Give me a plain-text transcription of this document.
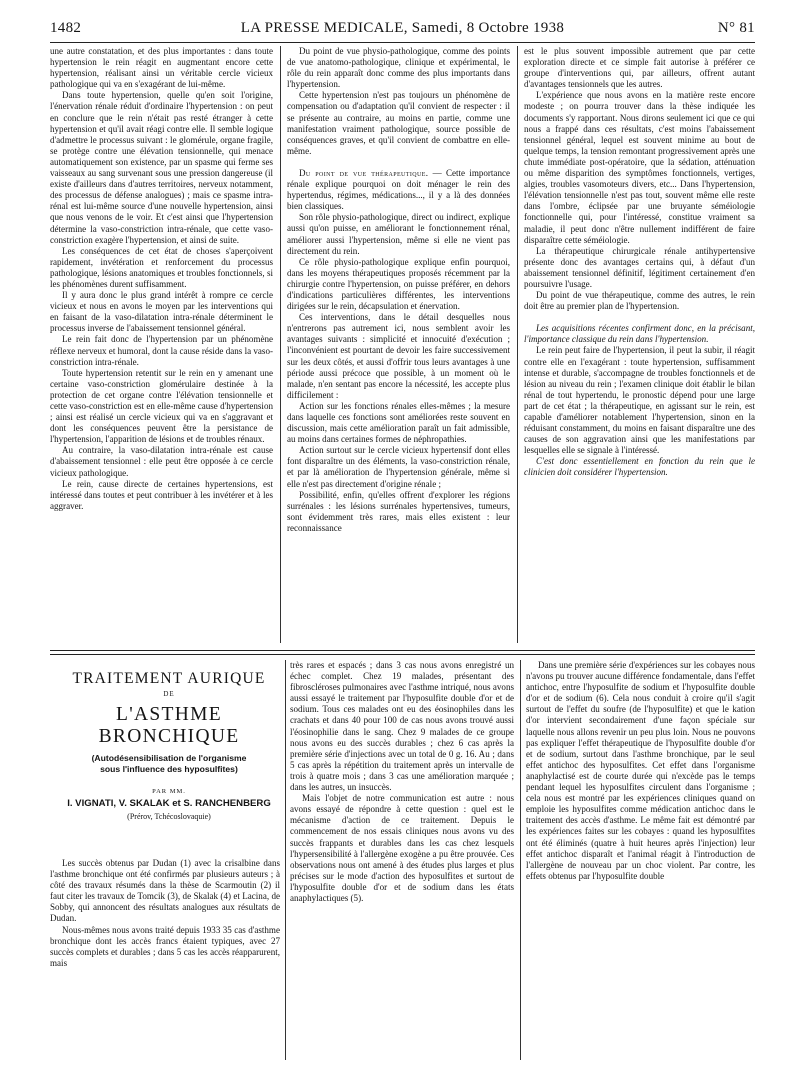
1482	LA PRESSE MEDICALE, Samedi, 8 Octobre 1938	N° 81

une autre constatation, et des plus importantes : dans toute hypertension le rein réagit en augmentant encore cette hypertension, réalisant ainsi un véritable cercle vicieux pathologique qui va en s'exagérant de lui-même.

Dans toute hypertension, quelle qu'en soit l'origine, l'énervation rénale réduit d'ordinaire l'hypertension : on peut en conclure que le rein n'était pas resté étranger à cette hypertension et qu'il avait réagi contre elle. Il semble logique d'admettre le processus suivant : le glomérule, organe fragile, se protège contre une élévation tensionnelle, qui menace automatiquement son existence, par un spasme qui ferme ses vaisseaux au sang survenant sous une pression dangereuse (il existe d'ailleurs dans d'autres territoires, nerveux notamment, des processus de défense analogues) ; mais ce spasme intra-rénal est lui-même source d'une nouvelle hypertension, ainsi que nous venons de le voir. Et c'est ainsi que l'hypertension détermine la vaso-constriction intra-rénale, que cette vaso-constriction exagère l'hypertension, et ainsi de suite.

Les conséquences de cet état de choses s'aperçoivent rapidement, invétération et renforcement du processus pathologique, lésions anatomiques et troubles fonctionnels, si les phénomènes durent suffisamment.

Il y aura donc le plus grand intérêt à rompre ce cercle vicieux et nous en avons le moyen par les interventions qui en faisant de la vaso-dilatation intra-rénale déterminent le processus inverse de l'abaissement tensionnel général.

Le rein fait donc de l'hypertension par un phénomène réflexe nerveux et humoral, dont la cause réside dans la vaso-constriction intra-rénale.

Toute hypertension retentit sur le rein en y amenant une certaine vaso-constriction glomérulaire destinée à la protection de cet organe contre l'élévation tensionnelle et cette vaso-constriction est en elle-même cause d'hypertension ; ainsi est réalisé un cercle vicieux qui va en s'aggravant et dont les conséquences peuvent être la persistance de l'hypertension, l'apparition de lésions et de troubles rénaux.

Au contraire, la vaso-dilatation intra-rénale est cause d'abaissement tensionnel : elle peut être opposée à ce cercle vicieux pathologique.

Le rein, cause directe de certaines hypertensions, est intéressé dans toutes et peut contribuer à les invétérer et à les aggraver.

Du point de vue physio-pathologique, comme des points de vue anatomo-pathologique, clinique et expérimental, le rôle du rein apparaît donc comme des plus importants dans l'hypertension.

Cette hypertension n'est pas toujours un phénomène de compensation ou d'adaptation qu'il convient de respecter : il se présente au contraire, au moins en partie, comme une manifestation vraiment pathologique, source possible de conséquences graves, et qu'il convient de combattre en elle-même.

Du point de vue thérapeutique. — Cette importance rénale explique pourquoi on doit ménager le rein des hypertendus, régimes, médications..., il y a là des données bien classiques.

Son rôle physio-pathologique, direct ou indirect, explique aussi qu'on puisse, en améliorant le fonctionnement rénal, améliorer aussi l'hypertension, même si elle ne vient pas directement du rein.

Ce rôle physio-pathologique explique enfin pourquoi, dans les moyens thérapeutiques proposés récemment par la chirurgie contre l'hypertension, on puisse préférer, en dehors d'indications particulières différentes, les interventions dirigées sur le rein, décapsulation et énervation.

Ces interventions, dans le détail desquelles nous n'entrerons pas autrement ici, nous semblent avoir les avantages suivants : simplicité et innocuité d'exécution ; l'inconvénient est pourtant de devoir les faire successivement sur les deux côtés, et aussi d'offrir tous leurs avantages à une période aussi précoce que possible, à un moment où le malade, n'en sentant pas encore la nécessité, les accepte plus difficilement :

Action sur les fonctions rénales elles-mêmes ; la mesure dans laquelle ces fonctions sont améliorées reste souvent en discussion, mais cette amélioration paraît un fait admissible, au moins dans certaines formes de néphropathies.

Action surtout sur le cercle vicieux hypertensif dont elles font disparaître un des éléments, la vaso-constriction rénale, et par là amélioration de l'hypertension générale, même si elle n'est pas directement d'origine rénale ;

Possibilité, enfin, qu'elles offrent d'explorer les régions surrénales : les lésions surrénales hypertensives, tumeurs, sont évidemment très rares, mais elles existent : leur reconnaissance

est le plus souvent impossible autrement que par cette exploration directe et ce simple fait autorise à préférer ce groupe d'interventions qui, par ailleurs, offrent autant d'avantages tensionnels que les autres.

L'expérience que nous avons en la matière reste encore modeste ; on pourra trouver dans la thèse indiquée les documents s'y rapportant. Nous dirons seulement ici que ce qui nous a frappé dans ces résultats, c'est moins l'abaissement tensionnel général, lequel est souvent minime au bout de quelque temps, la tension remontant progressivement après une chute immédiate post-opératoire, que la sédation, atténuation ou même disparition des symptômes fonctionnels, vertiges, algies, troubles vasomoteurs divers, etc... Dans l'hypertension, l'élévation tensionnelle n'est pas tout, souvent même elle reste dans l'ombre, éclipsée par une bruyante séméiologie fonctionnelle qui, pour l'intéressé, constitue vraiment sa maladie, il peut donc n'être nullement indifférent de faire disparaître cette séméiologie.

La thérapeutique chirurgicale rénale antihypertensive présente donc des avantages certains qui, à défaut d'un abaissement tensionnel définitif, légitiment certainement d'en poursuivre l'usage.

Du point de vue thérapeutique, comme des autres, le rein doit être au premier plan de l'hypertension.

Les acquisitions récentes confirment donc, en la précisant, l'importance classique du rein dans l'hypertension.

Le rein peut faire de l'hypertension, il peut la subir, il réagit contre elle en l'exagérant : toute hypertension, suffisamment intense et durable, s'accompagne de troubles fonctionnels et de lésion au niveau du rein ; l'examen clinique doit établir le bilan rénal de tout hypertendu, le pronostic dépend pour une large part de cet état ; la thérapeutique, en agissant sur le rein, est capable d'améliorer notablement l'hypertension, sinon en la réduisant constamment, du moins en faisant disparaître une des causes de son aggravation ainsi que les manifestations par lesquelles elle se signale à l'intéressé.

C'est donc essentiellement en fonction du rein que le clinicien doit considérer l'hypertension.

TRAITEMENT AURIQUE
DE
L'ASTHME BRONCHIQUE
(Autodésensibilisation de l'organisme
sous l'influence des hyposulfites)
PAR MM.
I. VIGNATI, V. SKALAK et S. RANCHENBERG
(Prérov, Tchécoslovaquie)

Les succès obtenus par Dudan (1) avec la crisalbine dans l'asthme bronchique ont été confirmés par plusieurs auteurs ; à côté des travaux résumés dans la thèse de Scarmoutin (2) il faut citer les travaux de Tomcik (3), de Skalak (4) et Lacina, de Sobby, qui annoncent des résultats analogues aux résultats de Dudan.

Nous-mêmes nous avons traité depuis 1933 35 cas d'asthme bronchique dont les accès francs étaient typiques, avec 27 succès complets et durables ; dans 5 cas les accès réapparurent, mais

très rares et espacés ; dans 3 cas nous avons enregistré un échec complet. Chez 19 malades, présentant des fibroscléroses pulmonaires avec l'asthme intriqué, nous avons aussi essayé le traitement par l'hyposulfite double d'or et de sodium. Tous ces malades ont eu des éosinophiles dans les crachats et dans 40 pour 100 de cas nous avons trouvé aussi l'éosinophilie dans le sang. Chez 9 malades de ce groupe nous avons eu des succès durables ; chez 6 cas après la première série d'injections avec un total de 0 g. 16. Au ; dans 5 cas après la répétition du traitement après un intervalle de trois à quatre mois ; dans 3 cas une amélioration marquée ; dans les autres, un insuccès.

Mais l'objet de notre communication est autre : nous avons essayé de répondre à cette question : quel est le mécanisme d'action de ce traitement. Depuis le commencement de nos essais cliniques nous avons vu des succès frappants et durables dans les cas chez lesquels l'hypersensibilité à l'allergène exogène a pu être prouvée. Ces observations nous ont amené à des études plus larges et plus précises sur le mode d'action des hyposulfites et surtout de l'hyposulfite double d'or et de sodium dans les états anaphylactiques (5).

Dans une première série d'expériences sur les cobayes nous n'avons pu trouver aucune différence fondamentale, dans l'effet antichoc, entre l'hyposulfite de sodium et l'hyposulfite double d'or et de sodium (6). Cela nous conduit à croire qu'il s'agit surtout de l'effet du soufre (de l'hyposulfite) et que le kation d'or intervient secondairement d'une façon spéciale sur laquelle nous allons revenir un peu plus loin. Nous ne pouvons pas expliquer l'effet thérapeutique de l'hyposulfite double d'or et de sodium, surtout dans l'asthme bronchique, par le seul effet antichoc des hyposulfites. Cet effet dans l'organisme anaphylactisé est de courte durée qui n'excède pas le temps pendant lequel les hyposulfites circulent dans l'organisme ; cela nous est montré par les expériences cliniques quand on emploie les hyposulfites comme médication antichoc dans le traitement des accès d'asthme. Le même fait est démontré par les expériences faites sur les cobayes : quand les hyposulfites ont été éliminés (quatre à huit heures après l'injection) leur effet antichoc disparaît et l'animal réagit à l'introduction de l'allergène de nouveau par un choc violent. Par contre, les effets obtenus par l'hyposulfite double
